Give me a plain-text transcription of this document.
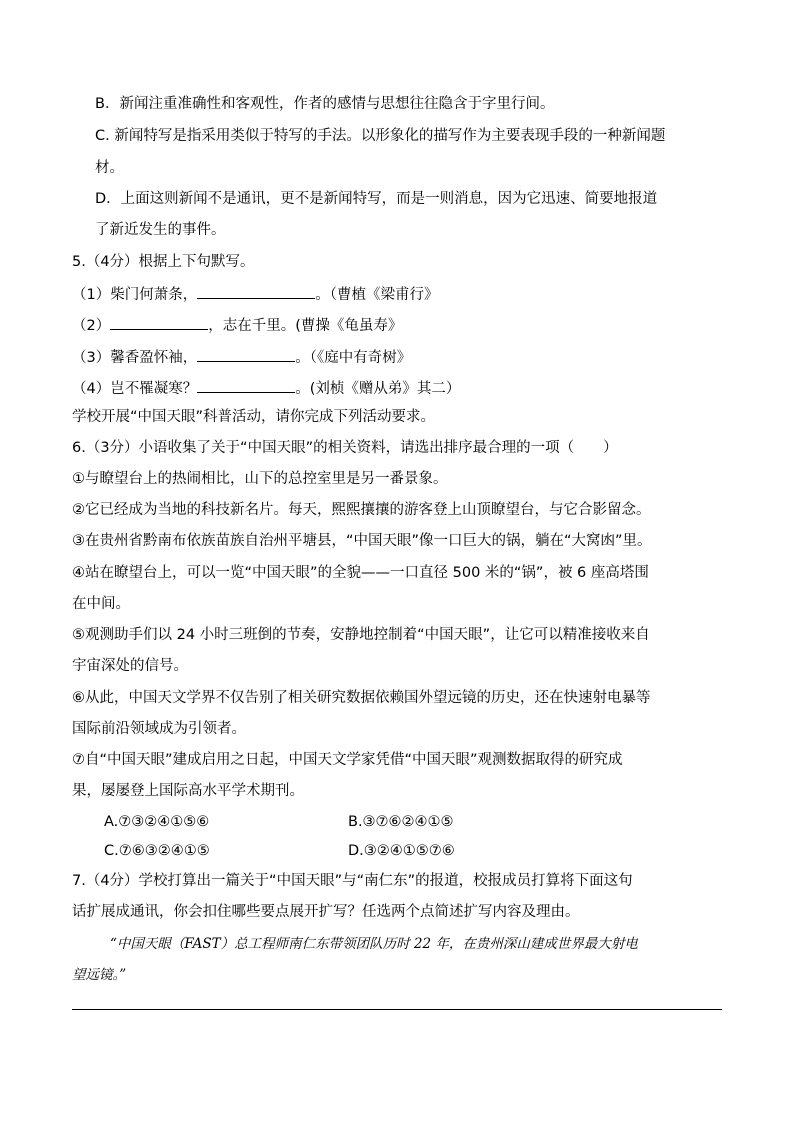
B．新闻注重准确性和客观性，作者的感情与思想往往隐含于字里行间。
C. 新闻特写是指采用类似于特写的手法。以形象化的描写作为主要表现手段的一种新闻题
材。
D．上面这则新闻不是通讯，更不是新闻特写，而是一则消息，因为它迅速、简要地报道
了新近发生的事件。
5.（4分）根据上下句默写。
（1）柴门何萧条，	。（曹植《梁甫行》
（2）	，志在千里。(曹操《龟虽寿》
（3）馨香盈怀袖，	。（《庭中有奇树》
（4）岂不罹凝寒？	。(刘桢《赠从弟》其二）
学校开展“中国天眼”科普活动，请你完成下列活动要求。
6.（3分）小语收集了关于“中国天眼”的相关资料，请选出排序最合理的一项（　　）
①与瞭望台上的热闹相比，山下的总控室里是另一番景象。
②它已经成为当地的科技新名片。每天，熙熙攘攘的游客登上山顶瞭望台，与它合影留念。
③在贵州省黔南布依族苗族自治州平塘县，“中国天眼”像一口巨大的锅，躺在“大窝凼”里。
④站在瞭望台上，可以一览“中国天眼”的全貌——一口直径 500 米的“锅”，被 6 座高塔围
在中间。
⑤观测助手们以 24 小时三班倒的节奏，安静地控制着“中国天眼”，让它可以精准接收来自
宇宙深处的信号。
⑥从此，中国天文学界不仅告别了相关研究数据依赖国外望远镜的历史，还在快速射电暴等
国际前沿领域成为引领者。
⑦自“中国天眼”建成启用之日起，中国天文学家凭借“中国天眼”观测数据取得的研究成
果，屡屡登上国际高水平学术期刊。
A.⑦③②④①⑤⑥	B.③⑦⑥②④①⑤
C.⑦⑥③②④①⑤	D.③②④①⑤⑦⑥
7.（4分）学校打算出一篇关于“中国天眼”与“南仁东”的报道，校报成员打算将下面这句
话扩展成通讯，你会扣住哪些要点展开扩写？任选两个点简述扩写内容及理由。
“中国天眼（FAST）总工程师南仁东带领团队历时 22 年，在贵州深山建成世界最大射电
望远镜。”
